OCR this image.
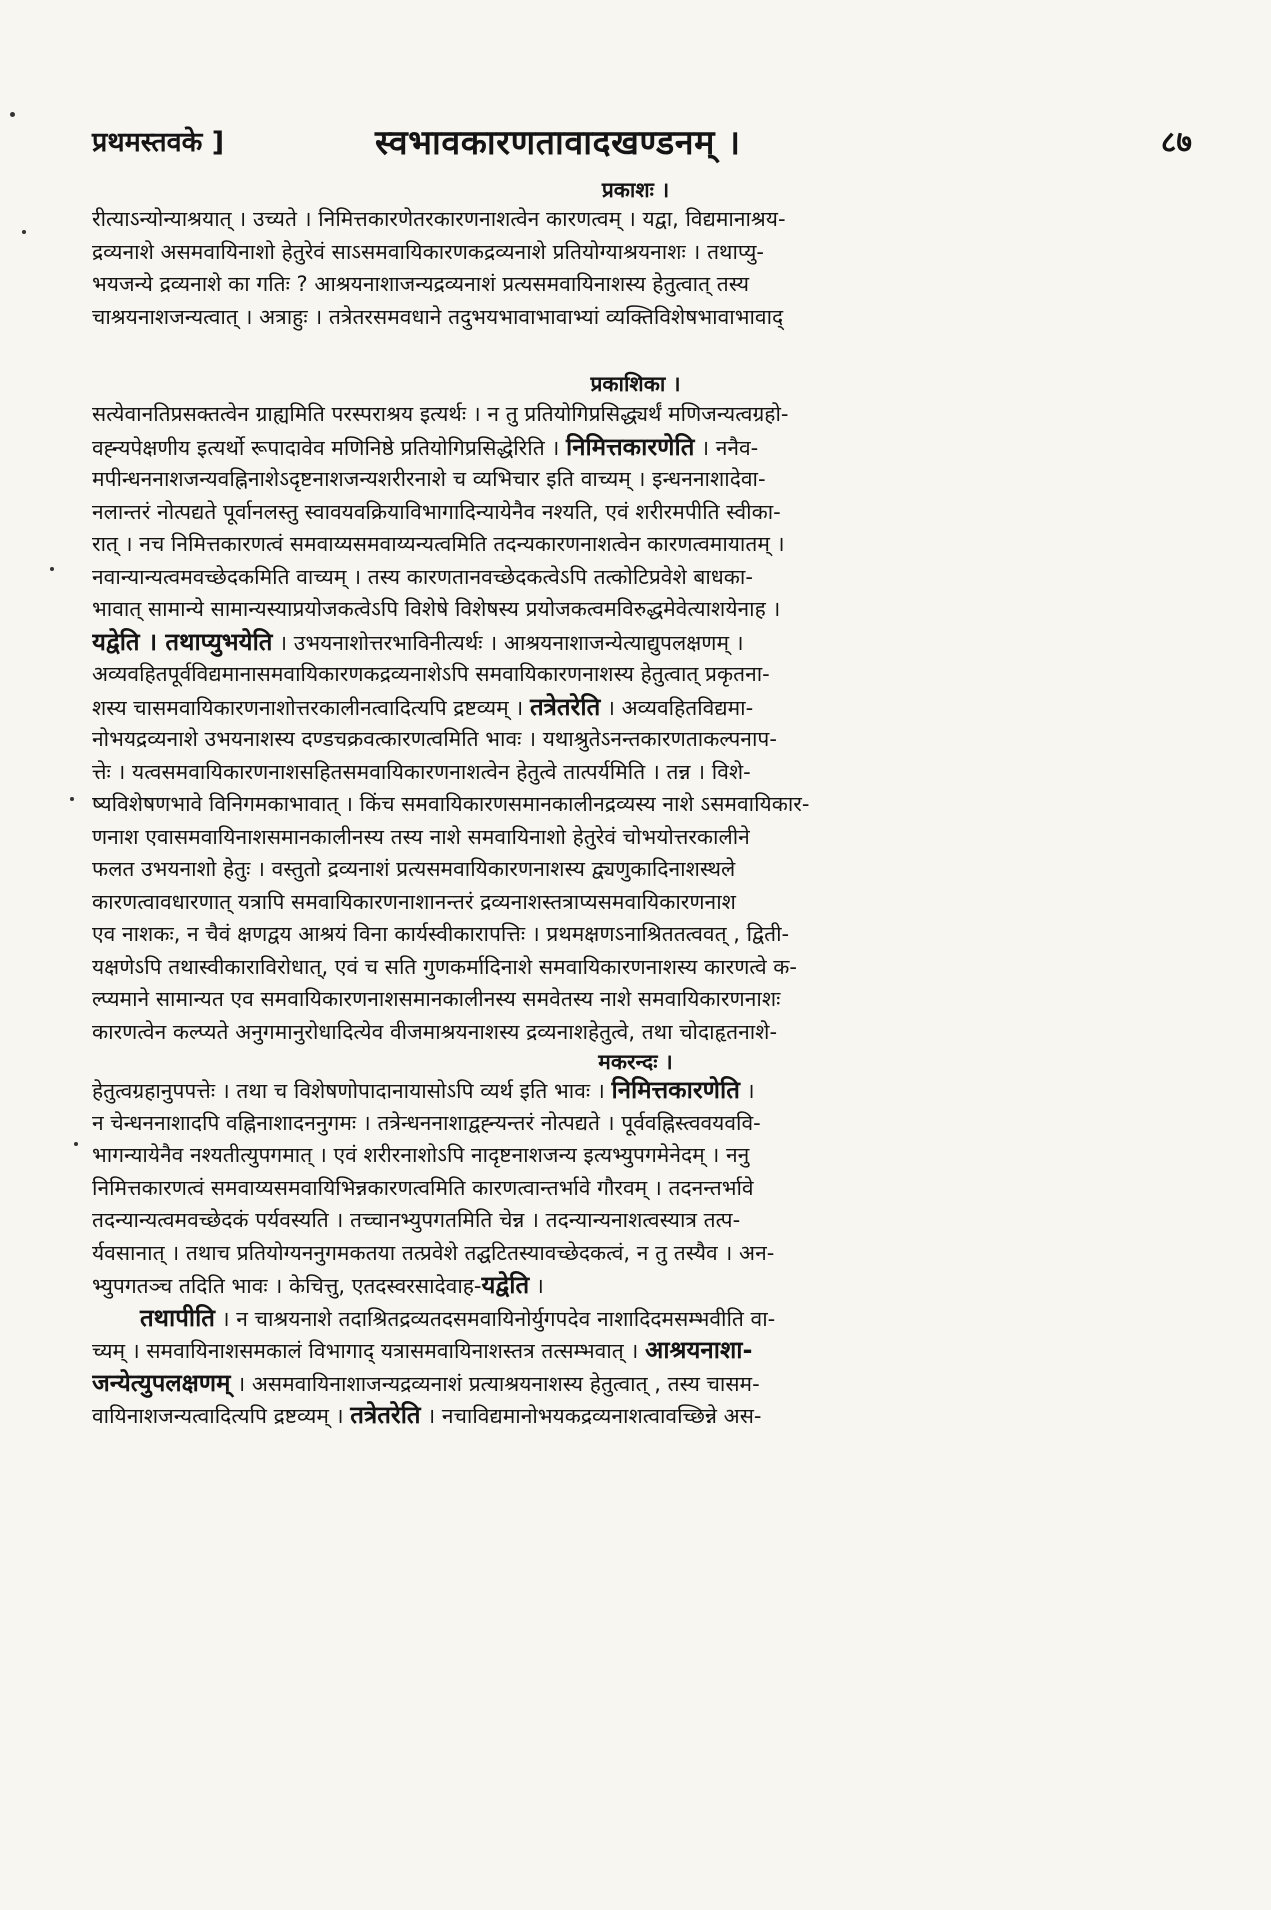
प्रथमस्तवके ]	स्वभावकारणतावादखण्डनम् ।	८७
प्रकाशः ।
रीत्याऽन्योन्याश्रयात् । उच्यते । निमित्तकारणेतरकारणनाशत्वेन कारणत्वम् । यद्वा, विद्यमानाश्रय-
द्रव्यनाशे असमवायिनाशो हेतुरेवं साऽसमवायिकारणकद्रव्यनाशे प्रतियोग्याश्रयनाशः । तथाप्यु-
भयजन्ये द्रव्यनाशे का गतिः ? आश्रयनाशाजन्यद्रव्यनाशं प्रत्यसमवायिनाशस्य हेतुत्वात् तस्य
चाश्रयनाशजन्यत्वात् । अत्राहुः । तत्रेतरसमवधाने तदुभयभावाभावाभ्यां व्यक्तिविशेषभावाभावाद्
प्रकाशिका ।
सत्येवानतिप्रसक्तत्वेन ग्राह्यमिति परस्पराश्रय इत्यर्थः । न तु प्रतियोगिप्रसिद्ध्यर्थं मणिजन्यत्वग्रहो-
वह्न्यपेक्षणीय इत्यर्थो रूपादावेव मणिनिष्ठे प्रतियोगिप्रसिद्धेरिति । निमित्तकारणेति । ननैव-
मपीन्धननाशजन्यवह्निनाशेऽदृष्टनाशजन्यशरीरनाशे च व्यभिचार इति वाच्यम् । इन्धननाशादेवा-
नलान्तरं नोत्पद्यते पूर्वानलस्तु स्वावयवक्रियाविभागादिन्यायेनैव नश्यति, एवं शरीरमपीति स्वीका-
रात् । नच निमित्तकारणत्वं समवाय्यसमवाय्यन्यत्वमिति तदन्यकारणनाशत्वेन कारणत्वमायातम् ।
नवान्यान्यत्वमवच्छेदकमिति वाच्यम् । तस्य कारणतानवच्छेदकत्वेऽपि तत्कोटिप्रवेशे बाधका-
भावात् सामान्ये सामान्यस्याप्रयोजकत्वेऽपि विशेषे विशेषस्य प्रयोजकत्वमविरुद्धमेवेत्याशयेनाह ।
यद्वेति । तथाप्युभयेति । उभयनाशोत्तरभाविनीत्यर्थः । आश्रयनाशाजन्येत्याद्युपलक्षणम् ।
अव्यवहितपूर्वविद्यमानासमवायिकारणकद्रव्यनाशेऽपि समवायिकारणनाशस्य हेतुत्वात् प्रकृतना-
शस्य चासमवायिकारणनाशोत्तरकालीनत्वादित्यपि द्रष्टव्यम् । तत्रेतरेति । अव्यवहितविद्यमा-
नोभयद्रव्यनाशे उभयनाशस्य दण्डचक्रवत्कारणत्वमिति भावः । यथाश्रुतेऽनन्तकारणताकल्पनाप-
त्तेः । यत्वसमवायिकारणनाशसहितसमवायिकारणनाशत्वेन हेतुत्वे तात्पर्यमिति । तन्न । विशे-
ष्यविशेषणभावे विनिगमकाभावात् । किंच समवायिकारणसमानकालीनद्रव्यस्य नाशे ऽसमवायिकार-
णनाश एवासमवायिनाशसमानकालीनस्य तस्य नाशे समवायिनाशो हेतुरेवं चोभयोत्तरकालीने
फलत उभयनाशो हेतुः । वस्तुतो द्रव्यनाशं प्रत्यसमवायिकारणनाशस्य द्व्यणुकादिनाशस्थले
कारणत्वावधारणात् यत्रापि समवायिकारणनाशानन्तरं द्रव्यनाशस्तत्राप्यसमवायिकारणनाश
एव नाशकः, न चैवं क्षणद्वय आश्रयं विना कार्यस्वीकारापत्तिः । प्रथमक्षणऽनाश्रिततत्ववत् , द्विती-
यक्षणेऽपि तथास्वीकाराविरोधात्, एवं च सति गुणकर्मादिनाशे समवायिकारणनाशस्य कारणत्वे क-
ल्प्यमाने सामान्यत एव समवायिकारणनाशसमानकालीनस्य समवेतस्य नाशे समवायिकारणनाशः
कारणत्वेन कल्प्यते अनुगमानुरोधादित्येव वीजमाश्रयनाशस्य द्रव्यनाशहेतुत्वे, तथा चोदाहृतनाशे-
मकरन्दः ।
हेतुत्वग्रहानुपपत्तेः । तथा च विशेषणोपादानायासोऽपि व्यर्थ इति भावः । निमित्तकारणेति ।
न चेन्धननाशादपि वह्निनाशादननुगमः । तत्रेन्धननाशाद्वह्न्यन्तरं नोत्पद्यते । पूर्ववह्निस्त्ववयववि-
भागन्यायेनैव नश्यतीत्युपगमात् । एवं शरीरनाशोऽपि नादृष्टनाशजन्य इत्यभ्युपगमेनेदम् । ननु
निमित्तकारणत्वं समवाय्यसमवायिभिन्नकारणत्वमिति कारणत्वान्तर्भावे गौरवम् । तदनन्तर्भावे
तदन्यान्यत्वमवच्छेदकं पर्यवस्यति । तच्चानभ्युपगतमिति चेन्न । तदन्यान्यनाशत्वस्यात्र तत्प-
र्यवसानात् । तथाच प्रतियोग्यननुगमकतया तत्प्रवेशे तद्घटितस्यावच्छेदकत्वं, न तु तस्यैव । अन-
भ्युपगतञ्च तदिति भावः । केचित्तु, एतदस्वरसादेवाह-यद्वेति ।
तथापीति । न चाश्रयनाशे तदाश्रितद्रव्यतदसमवायिनोर्युगपदेव नाशादिदमसम्भवीति वा-
च्यम् । समवायिनाशसमकालं विभागाद् यत्रासमवायिनाशस्तत्र तत्सम्भवात् । आश्रयनाशा-
जन्येत्युपलक्षणम् । असमवायिनाशाजन्यद्रव्यनाशं प्रत्याश्रयनाशस्य हेतुत्वात् , तस्य चासम-
वायिनाशजन्यत्वादित्यपि द्रष्टव्यम् । तत्रेतरेति । नचाविद्यमानोभयकद्रव्यनाशत्वावच्छिन्ने अस-
